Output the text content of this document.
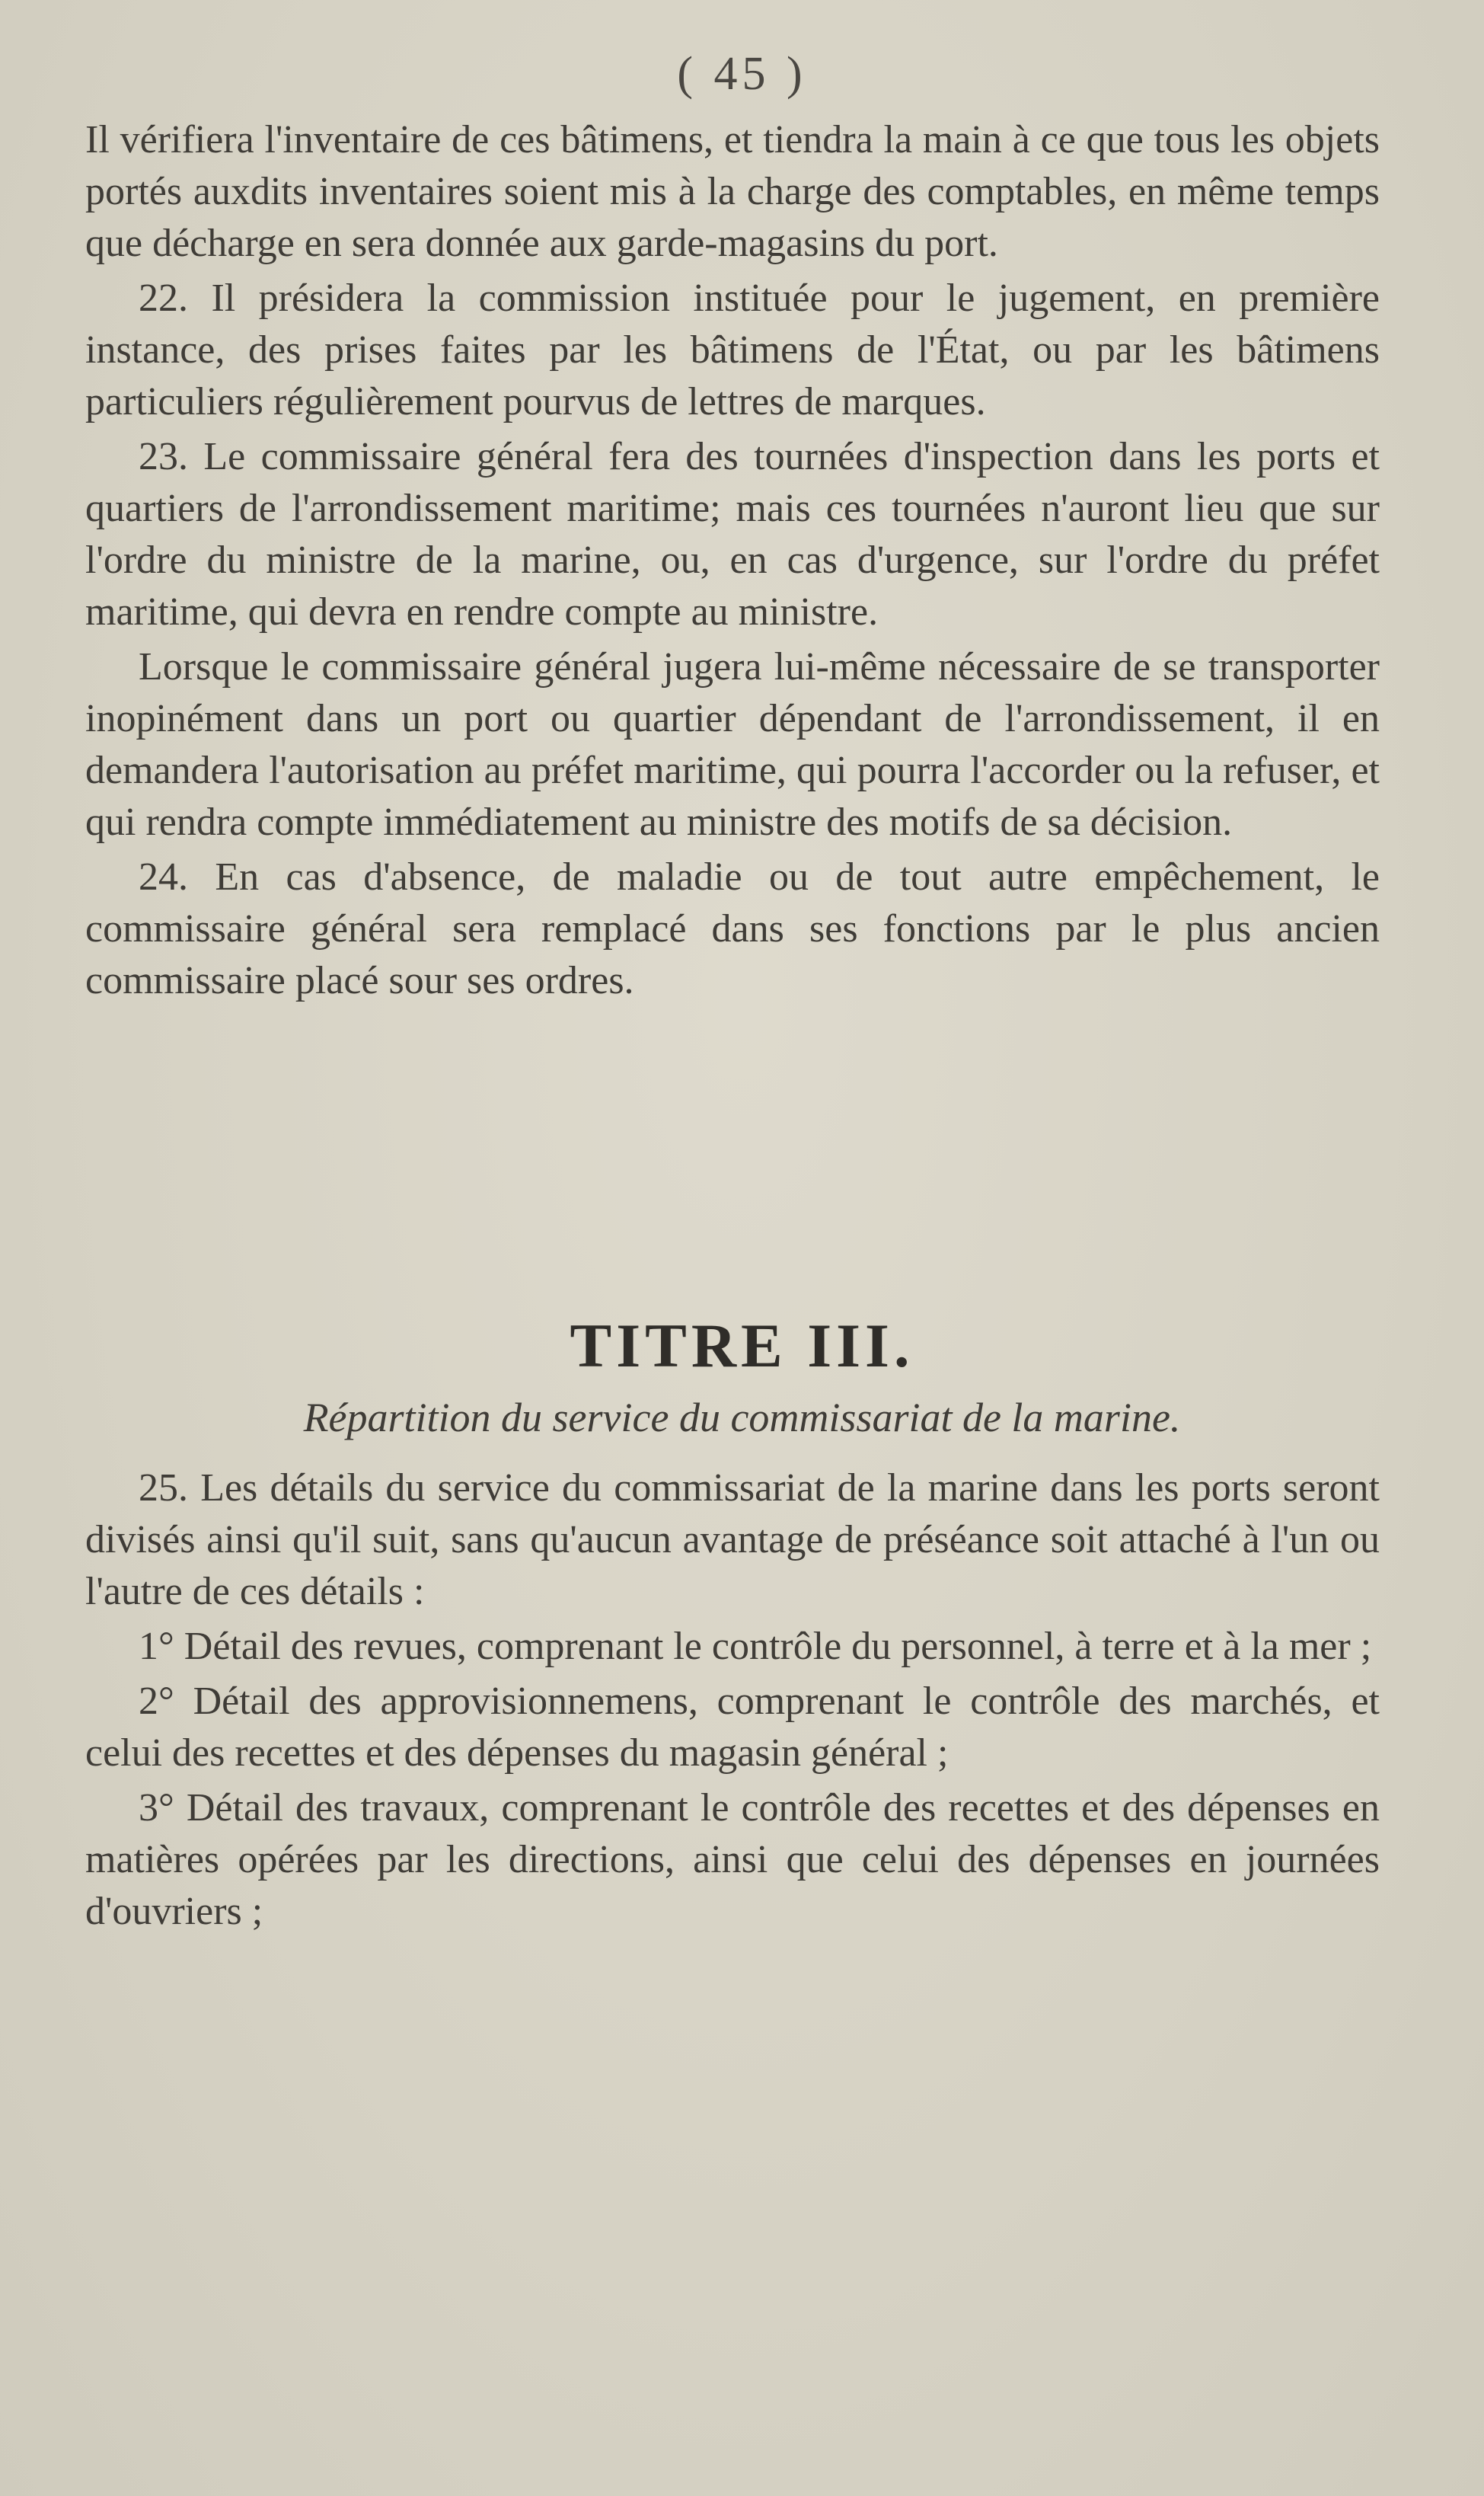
( 45 )

Il vérifiera l'inventaire de ces bâtimens, et tiendra la main à ce que tous les objets portés auxdits inventaires soient mis à la charge des comptables, en même temps que décharge en sera donnée aux garde-magasins du port.

22. Il présidera la commission instituée pour le jugement, en première instance, des prises faites par les bâtimens de l'État, ou par les bâtimens particuliers régulièrement pourvus de lettres de marques.

23. Le commissaire général fera des tournées d'inspection dans les ports et quartiers de l'arrondissement maritime; mais ces tournées n'auront lieu que sur l'ordre du ministre de la marine, ou, en cas d'urgence, sur l'ordre du préfet maritime, qui devra en rendre compte au ministre.

Lorsque le commissaire général jugera lui-même nécessaire de se transporter inopinément dans un port ou quartier dépendant de l'arrondissement, il en demandera l'autorisation au préfet maritime, qui pourra l'accorder ou la refuser, et qui rendra compte immédiatement au ministre des motifs de sa décision.

24. En cas d'absence, de maladie ou de tout autre empêchement, le commissaire général sera remplacé dans ses fonctions par le plus ancien commissaire placé sour ses ordres.

TITRE III.
Répartition du service du commissariat de la marine.

25. Les détails du service du commissariat de la marine dans les ports seront divisés ainsi qu'il suit, sans qu'aucun avantage de préséance soit attaché à l'un ou l'autre de ces détails :

1° Détail des revues, comprenant le contrôle du personnel, à terre et à la mer ;

2° Détail des approvisionnemens, comprenant le contrôle des marchés, et celui des recettes et des dépenses du magasin général ;

3° Détail des travaux, comprenant le contrôle des recettes et des dépenses en matières opérées par les directions, ainsi que celui des dépenses en journées d'ouvriers ;
